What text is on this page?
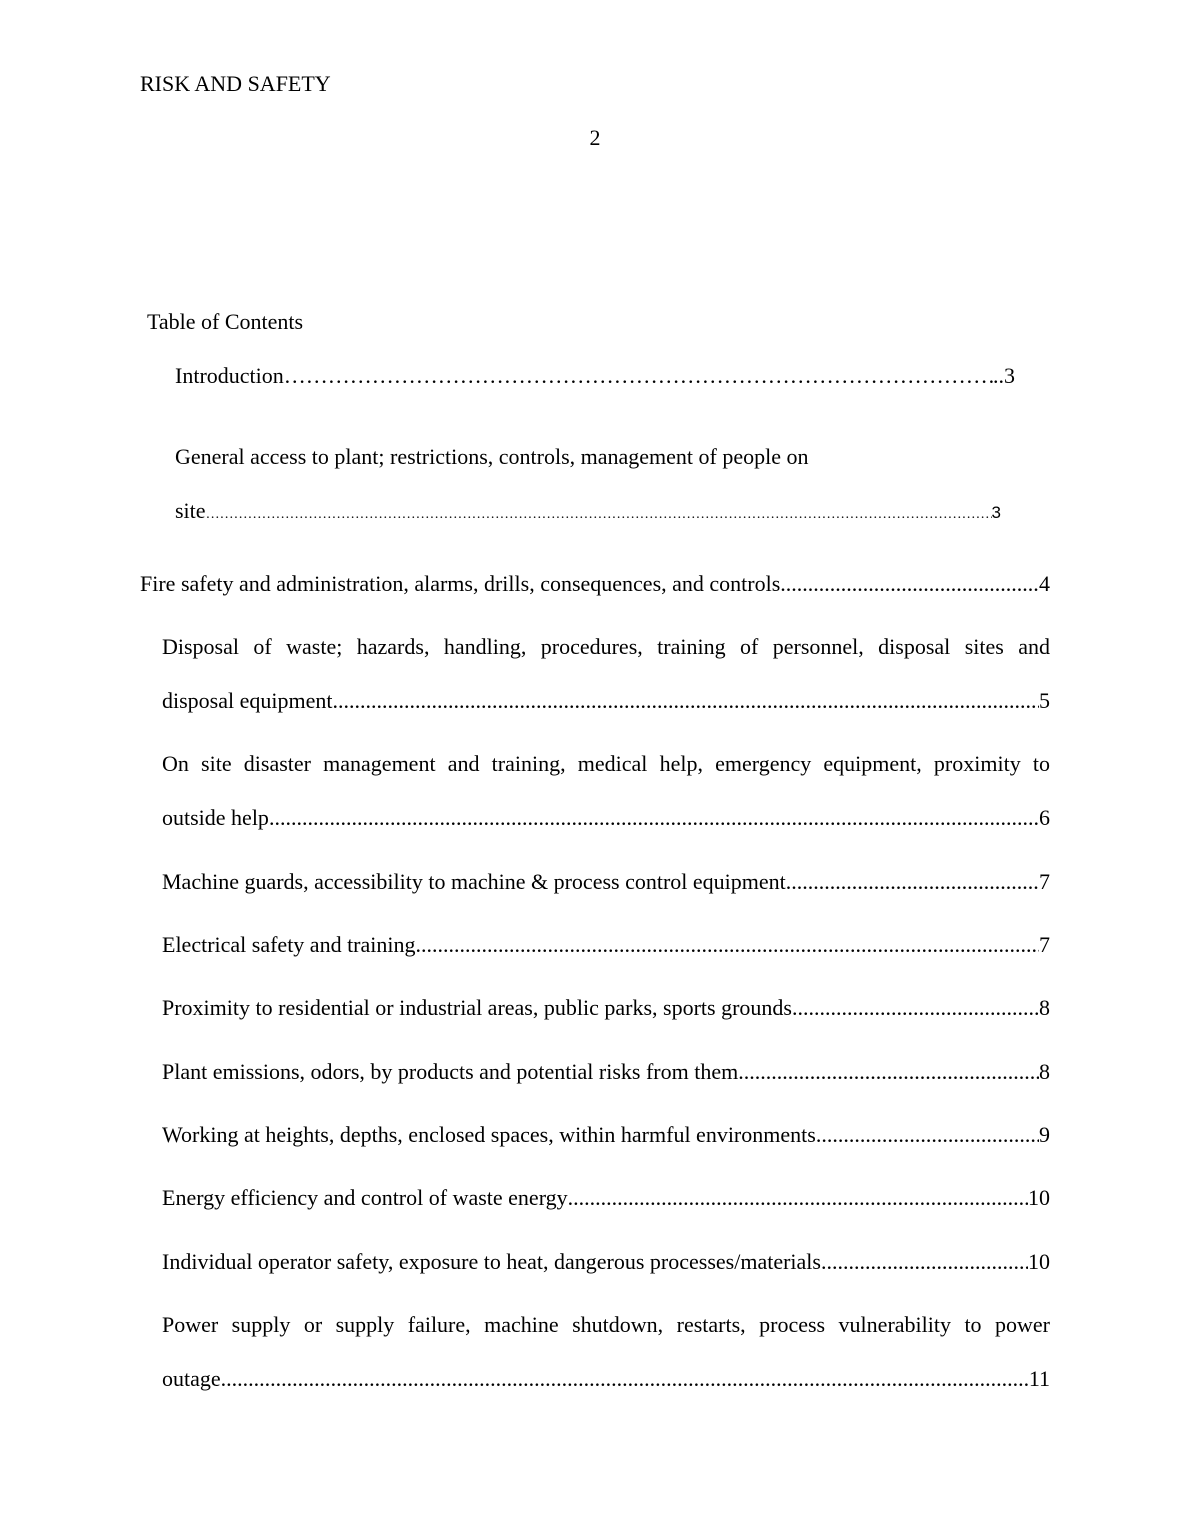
RISK AND SAFETY
2
Table of Contents
Introduction ………………………………………………………………………………………………………………………………………………………………	..3
General access to plant; restrictions, controls, management of people on
site ……………………………………………………………………………………………………………………………………………………………………………………………………………………	3
Fire safety and administration, alarms, drills, consequences, and controls .....	4
Disposal of waste; hazards, handling, procedures, training of personnel, disposal sites and
disposal equipment .....	5
On site disaster management and training, medical help, emergency equipment, proximity to
outside help .....	6
Machine guards, accessibility to machine & process control equipment .....	7
Electrical safety and training .....	7
Proximity to residential or industrial areas, public parks, sports grounds .....	8
Plant emissions, odors, by products and potential risks from them .....	8
Working at heights, depths, enclosed spaces, within harmful environments .....	9
Energy efficiency and control of waste energy .....	10
Individual operator safety, exposure to heat, dangerous processes/materials .....	10
Power supply or supply failure, machine shutdown, restarts, process vulnerability to power
outage .....	11
